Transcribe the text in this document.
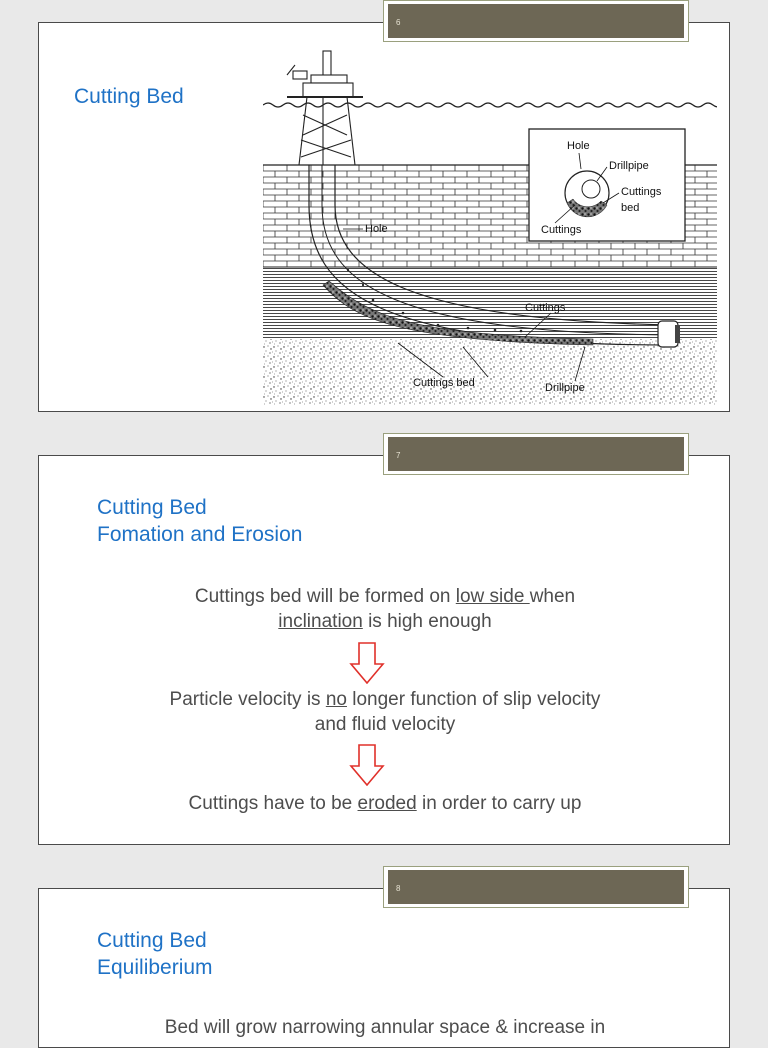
Cutting Bed
Hole
Cuttings
Cuttings bed	Drillpipe
Hole
Drillpipe
Cuttings
bed
Cuttings
6
Cutting Bed
Fomation and Erosion
Cuttings bed will be formed on low side when
inclination is high enough
Particle velocity is no longer function of slip velocity
and fluid velocity
Cuttings have to be eroded in order to carry up
7
Cutting Bed
Equiliberium
Bed will grow narrowing annular space & increase in
8
